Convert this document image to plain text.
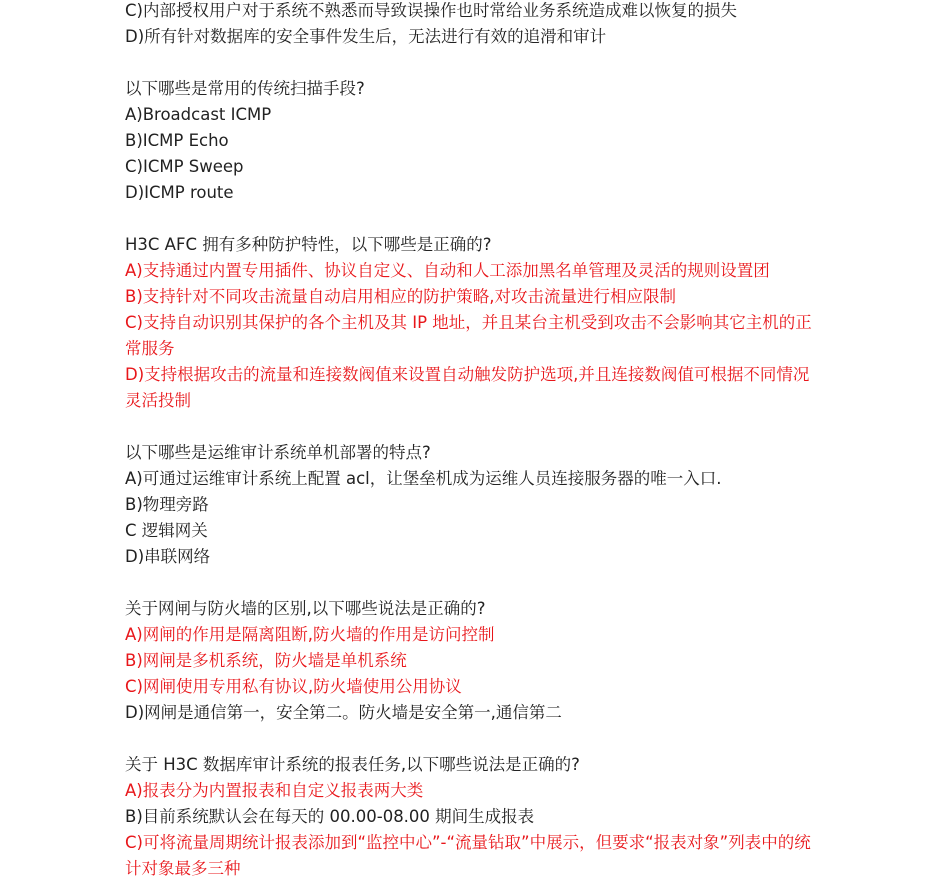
C)内部授权用户对于系统不熟悉而导致误操作也时常给业务系统造成难以恢复的损失
D)所有针对数据库的安全事件发生后，无法进行有效的追滑和审计
以下哪些是常用的传统扫描手段?
A)Broadcast ICMP
B)ICMP Echo
C)ICMP Sweep
D)ICMP route
H3C AFC 拥有多种防护特性，以下哪些是正确的?
A)支持通过内置专用插件、协议自定义、自动和人工添加黑名单管理及灵活的规则设置团
B)支持针对不同攻击流量自动启用相应的防护策略,对攻击流量进行相应限制
C)支持自动识别其保护的各个主机及其 IP 地址，并且某台主机受到攻击不会影响其它主机的正常服务
D)支持根据攻击的流量和连接数阀值来设置自动触发防护选项,并且连接数阀值可根据不同情况灵活投制
以下哪些是运维审计系统单机部署的特点?
A)可通过运维审计系统上配置 acl，让堡垒机成为运维人员连接服务器的唯一入口.
B)物理旁路
C 逻辑网关
D)串联网络
关于网闸与防火墙的区别,以下哪些说法是正确的?
A)网闸的作用是隔离阻断,防火墙的作用是访问控制
B)网闸是多机系统，防火墙是单机系统
C)网闸使用专用私有协议,防火墙使用公用协议
D)网闸是通信第一，安全第二。防火墙是安全第一,通信第二
关于 H3C 数据库审计系统的报表任务,以下哪些说法是正确的?
A)报表分为内置报表和自定义报表两大类
B)目前系统默认会在每天的 00.00-08.00 期间生成报表
C)可将流量周期统计报表添加到“监控中心”-“流量钻取”中展示，但要求“报表对象”列表中的统计对象最多三种
